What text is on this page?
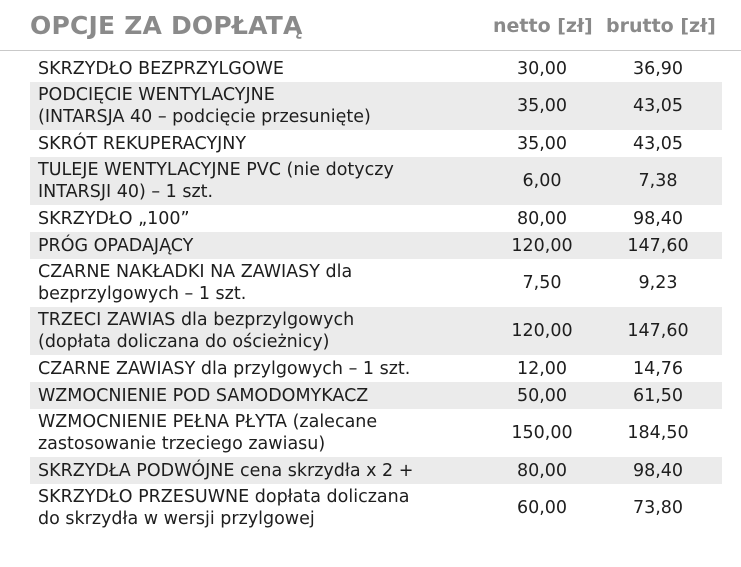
OPCJE ZA DOPŁATĄ	netto [zł] brutto [zł]
SKRZYDŁO BEZPRZYLGOWE	30,00	36,90
PODCIĘCIE WENTYLACYJNE
(INTARSJA 40 – podcięcie przesunięte)
35,00	43,05
SKRÓT REKUPERACYJNY	35,00	43,05
TULEJE WENTYLACYJNE PVC (nie dotyczy
INTARSJI 40) – 1 szt.
6,00	7,38
SKRZYDŁO „100”	80,00	98,40
PRÓG OPADAJĄCY	120,00	147,60
CZARNE NAKŁADKI NA ZAWIASY dla
bezprzylgowych – 1 szt.
7,50	9,23
TRZECI ZAWIAS dla bezprzylgowych
(dopłata doliczana do ościeżnicy)
120,00	147,60
CZARNE ZAWIASY dla przylgowych – 1 szt.	12,00	14,76
WZMOCNIENIE POD SAMODOMYKACZ	50,00	61,50
WZMOCNIENIE PEŁNA PŁYTA (zalecane
zastosowanie trzeciego zawiasu)
150,00	184,50
SKRZYDŁA PODWÓJNE cena skrzydła x 2 +	80,00	98,40
SKRZYDŁO PRZESUWNE dopłata doliczana
do skrzydła w wersji przylgowej
60,00	73,80
